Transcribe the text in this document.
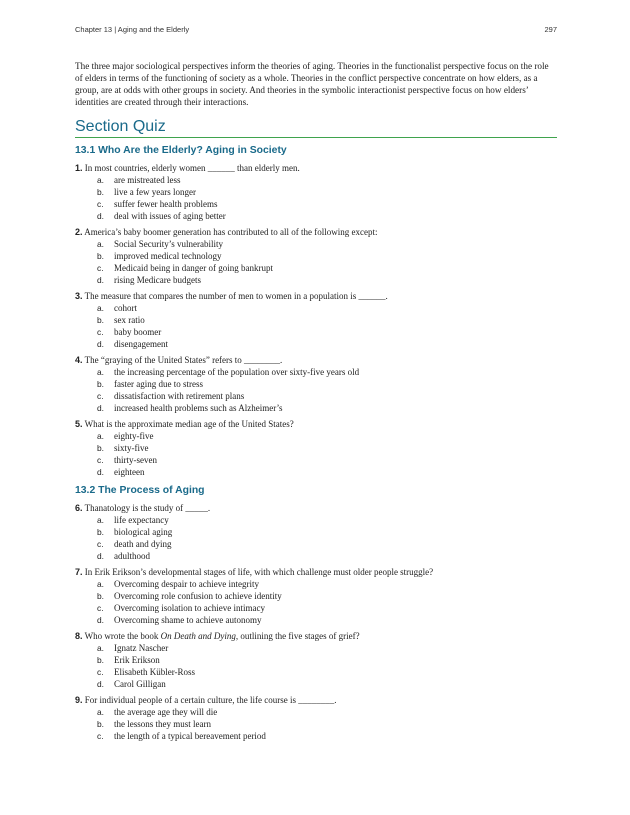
Chapter 13 | Aging and the Elderly	297

The three major sociological perspectives inform the theories of aging. Theories in the functionalist perspective focus on the role of elders in terms of the functioning of society as a whole. Theories in the conflict perspective concentrate on how elders, as a group, are at odds with other groups in society. And theories in the symbolic interactionist perspective focus on how elders’ identities are created through their interactions.

Section Quiz
13.1 Who Are the Elderly? Aging in Society

1. In most countries, elderly women ______ than elderly men.

a. are mistreated less
b. live a few years longer
c. suffer fewer health problems
d. deal with issues of aging better

2. America’s baby boomer generation has contributed to all of the following except:

a. Social Security’s vulnerability
b. improved medical technology
c. Medicaid being in danger of going bankrupt
d. rising Medicare budgets

3. The measure that compares the number of men to women in a population is ______.

a. cohort
b. sex ratio
c. baby boomer
d. disengagement

4. The “graying of the United States” refers to ________.

a. the increasing percentage of the population over sixty-five years old
b. faster aging due to stress
c. dissatisfaction with retirement plans
d. increased health problems such as Alzheimer’s

5. What is the approximate median age of the United States?

a. eighty-five
b. sixty-five
c. thirty-seven
d. eighteen
13.2 The Process of Aging

6. Thanatology is the study of _____.

a. life expectancy
b. biological aging
c. death and dying
d. adulthood

7. In Erik Erikson’s developmental stages of life, with which challenge must older people struggle?

a. Overcoming despair to achieve integrity
b. Overcoming role confusion to achieve identity
c. Overcoming isolation to achieve intimacy
d. Overcoming shame to achieve autonomy

8. Who wrote the book On Death and Dying, outlining the five stages of grief?

a. Ignatz Nascher
b. Erik Erikson
c. Elisabeth Kübler-Ross
d. Carol Gilligan

9. For individual people of a certain culture, the life course is ________.

a. the average age they will die
b. the lessons they must learn
c. the length of a typical bereavement period
